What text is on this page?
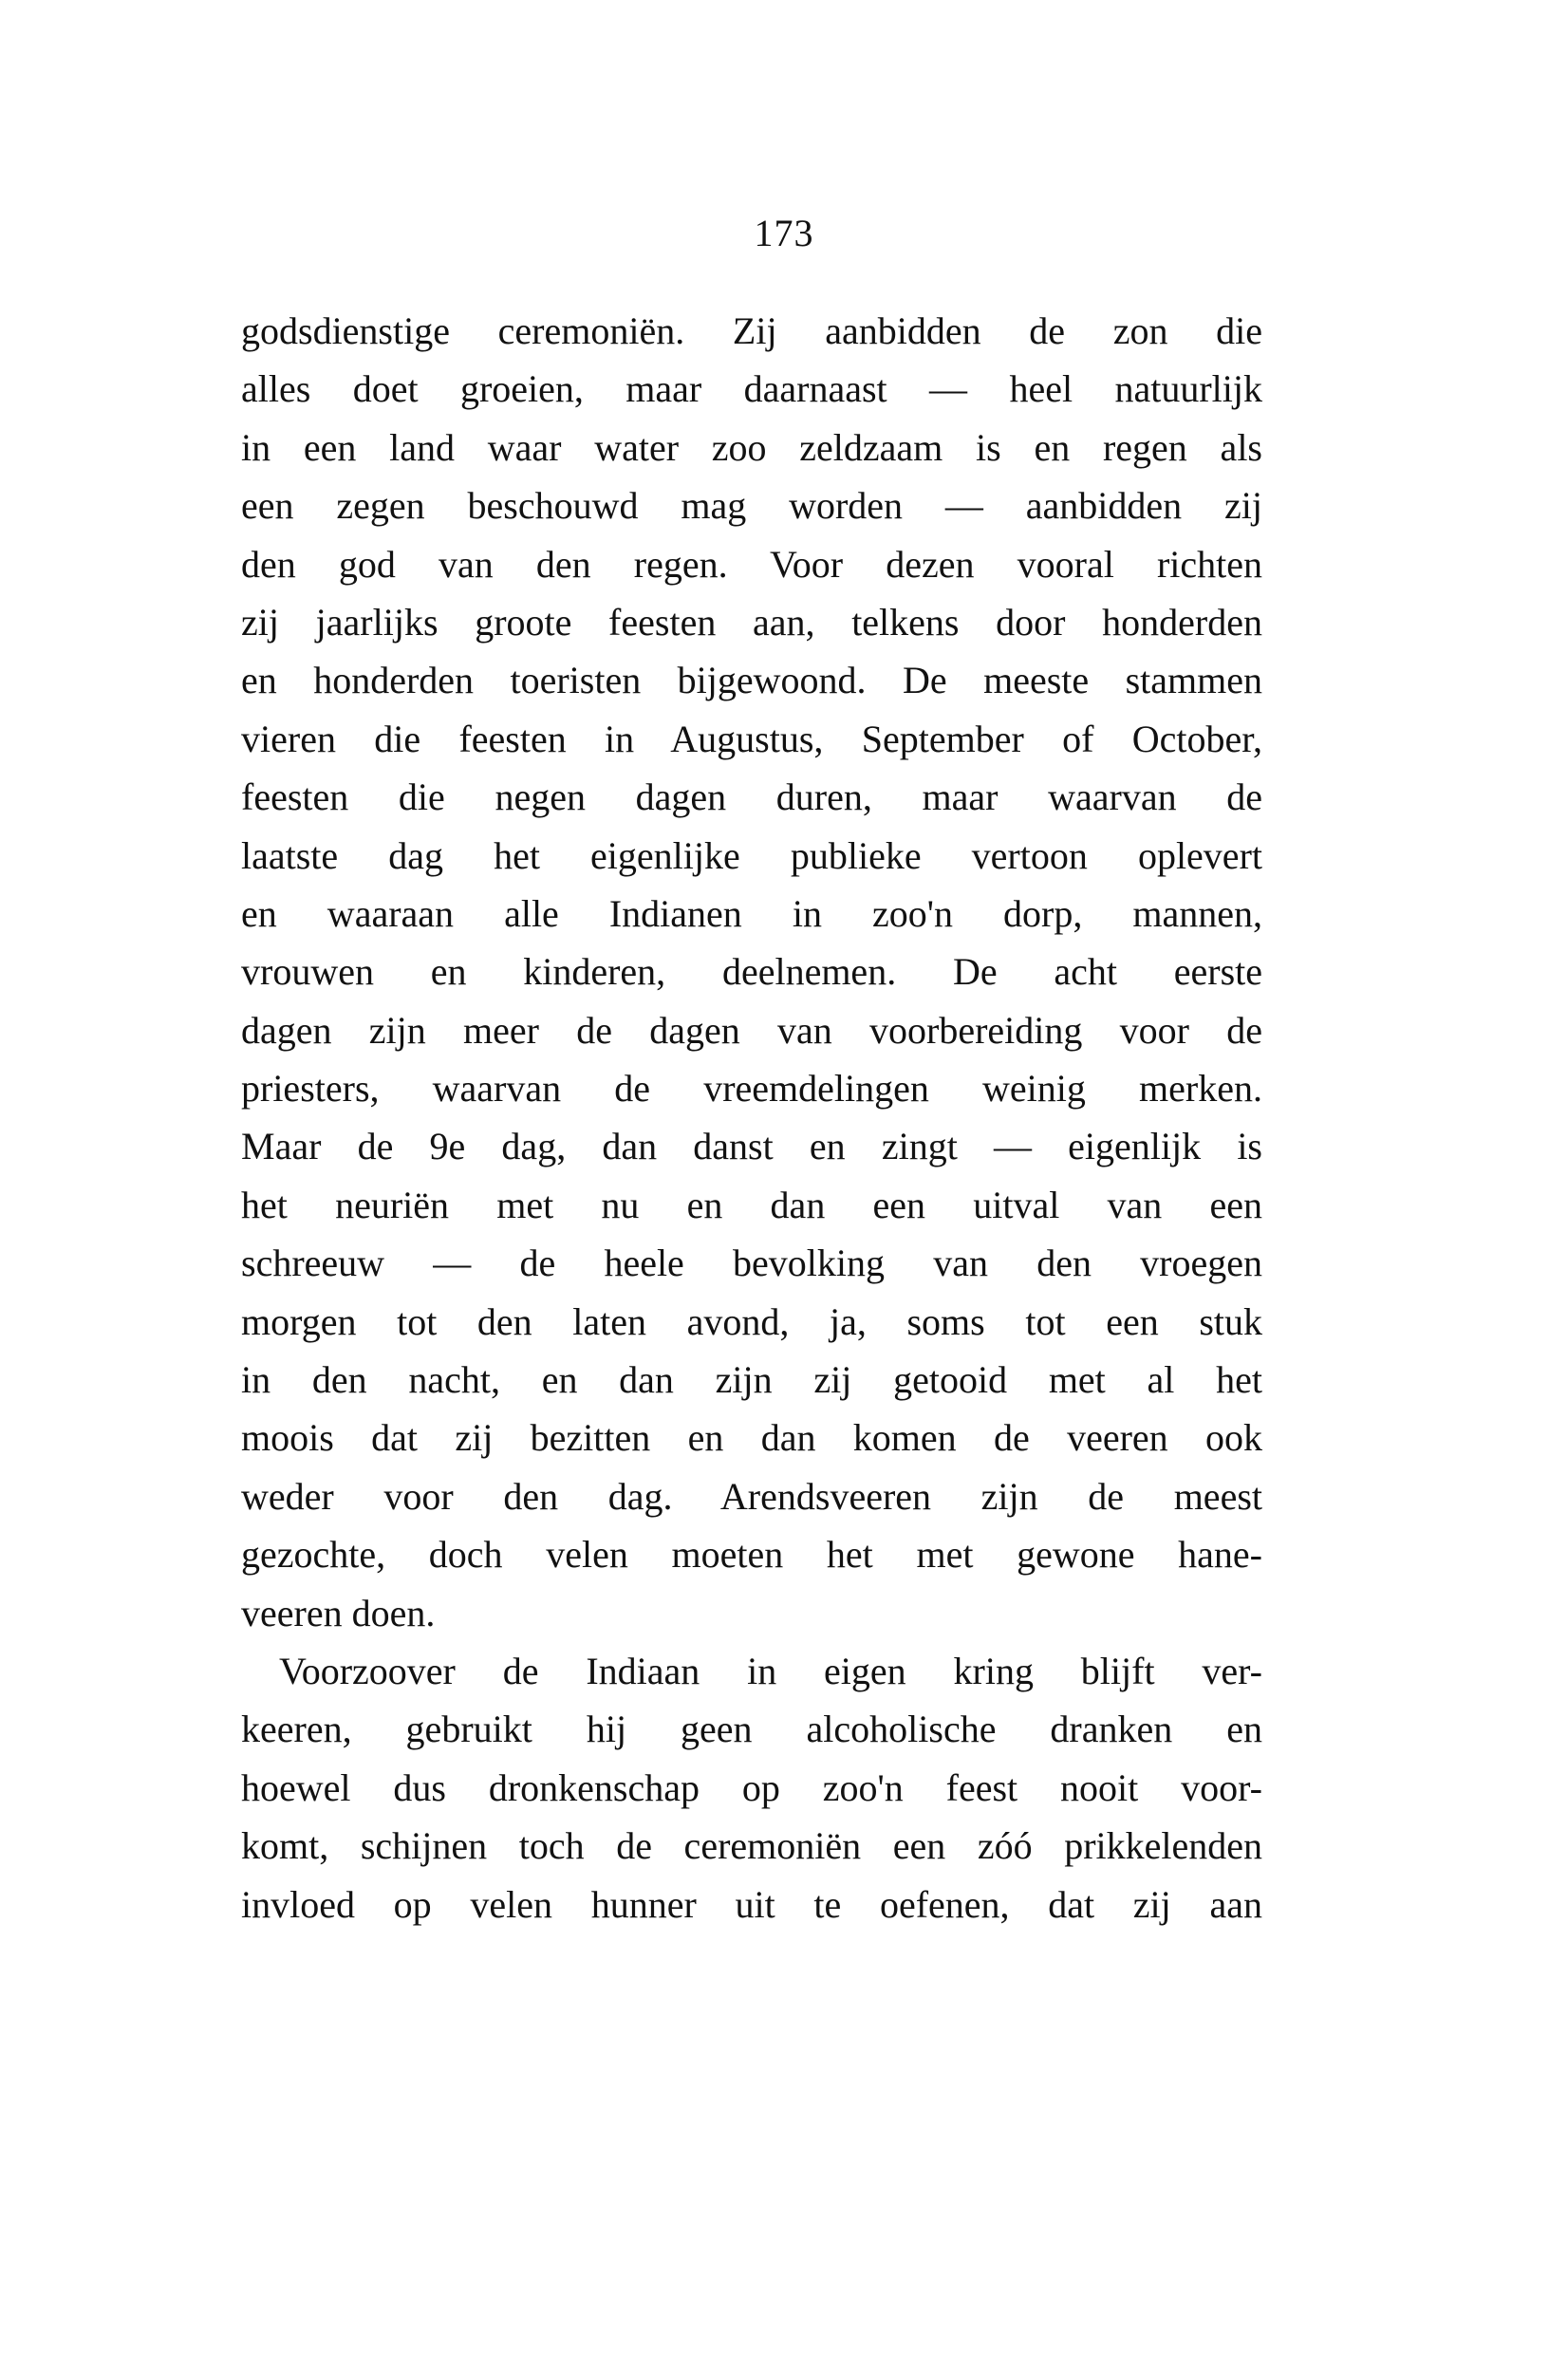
173
godsdienstige ceremoniën. Zij aanbidden de zon die
alles doet groeien, maar daarnaast — heel natuurlijk
in een land waar water zoo zeldzaam is en regen als
een zegen beschouwd mag worden — aanbidden zij
den god van den regen. Voor dezen vooral richten
zij jaarlijks groote feesten aan, telkens door honderden
en honderden toeristen bijgewoond. De meeste stammen
vieren die feesten in Augustus, September of October,
feesten die negen dagen duren, maar waarvan de
laatste dag het eigenlijke publieke vertoon oplevert
en waaraan alle Indianen in zoo'n dorp, mannen,
vrouwen en kinderen, deelnemen. De acht eerste
dagen zijn meer de dagen van voorbereiding voor de
priesters, waarvan de vreemdelingen weinig merken.
Maar de 9e dag, dan danst en zingt — eigenlijk is
het neuriën met nu en dan een uitval van een
schreeuw — de heele bevolking van den vroegen
morgen tot den laten avond, ja, soms tot een stuk
in den nacht, en dan zijn zij getooid met al het
moois dat zij bezitten en dan komen de veeren ook
weder voor den dag. Arendsveeren zijn de meest
gezochte, doch velen moeten het met gewone hane-
veeren doen.
Voorzoover de Indiaan in eigen kring blijft ver-
keeren, gebruikt hij geen alcoholische dranken en
hoewel dus dronkenschap op zoo'n feest nooit voor-
komt, schijnen toch de ceremoniën een zóó prikkelenden
invloed op velen hunner uit te oefenen, dat zij aan
